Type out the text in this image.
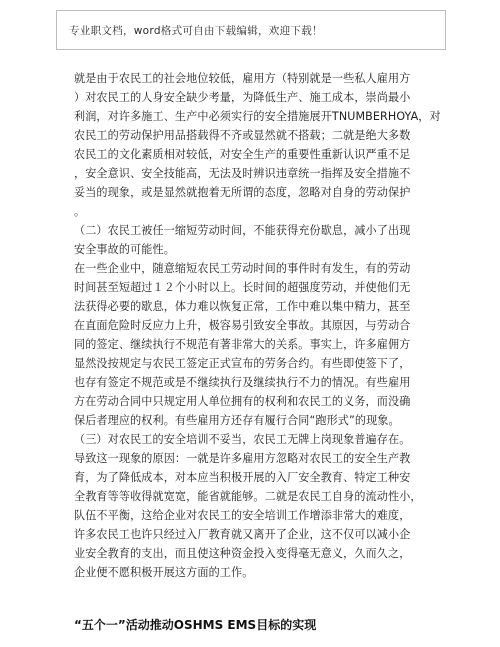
专业职文档，word格式可自由下载编辑，欢迎下载！
就是由于农民工的社会地位较低，雇用方（特别就是一些私人雇用方
）对农民工的人身安全缺少考量，为降低生产、施工成本，崇尚最小
利润，对许多施工、生产中必须实行的安全措施展开TNUMBERHOYA，对
农民工的劳动保护用品搭载得不齐或显然就不搭载；二就是绝大多数
农民工的文化素质相对较低，对安全生产的重要性重新认识严重不足
，安全意识、安全技能高，无法及时辨识违章统一指挥及安全措施不
妥当的现象，或是显然就抱着无所谓的态度，忽略对自身的劳动保护
。
（二）农民工被任一缩短劳动时间，不能获得充份歇息，减小了出现
安全事故的可能性。
在一些企业中，随意缩短农民工劳动时间的事件时有发生，有的劳动
时间甚至短超过１２个小时以上。长时间的超强度劳动，并使他们无
法获得必要的歇息，体力难以恢复正常，工作中难以集中精力，甚至
在直面危险时反应力上升，极容易引致安全事故。其原因，与劳动合
同的签定、继续执行不规范有著非常大的关系。事实上，许多雇佣方
显然没按规定与农民工签定正式宣布的劳务合约。有些即使签下了，
也存有签定不规范或是不继续执行及继续执行不力的情况。有些雇用
方在劳动合同中只规定用人单位拥有的权利和农民工的义务，而没确
保后者理应的权利。有些雇用方还存有履行合同“跑形式”的现象。
（三）对农民工的安全培训不妥当，农民工无牌上岗现象普遍存在。
导致这一现象的原因：一就是许多雇用方忽略对农民工的安全生产教
育，为了降低成本，对本应当积极开展的入厂安全教育、特定工种安
全教育等等收得就宽宽，能省就能够。二就是农民工自身的流动性小，
队伍不平衡，这给企业对农民工的安全培训工作增添非常大的难度，
许多农民工也许只经过入厂教育就又离开了企业，这不仅可以减小企
业安全教育的支出，而且使这种资金投入变得毫无意义，久而久之，
企业便不愿积极开展这方面的工作。
“五个一”活动推动OSHMS EMS目标的实现
